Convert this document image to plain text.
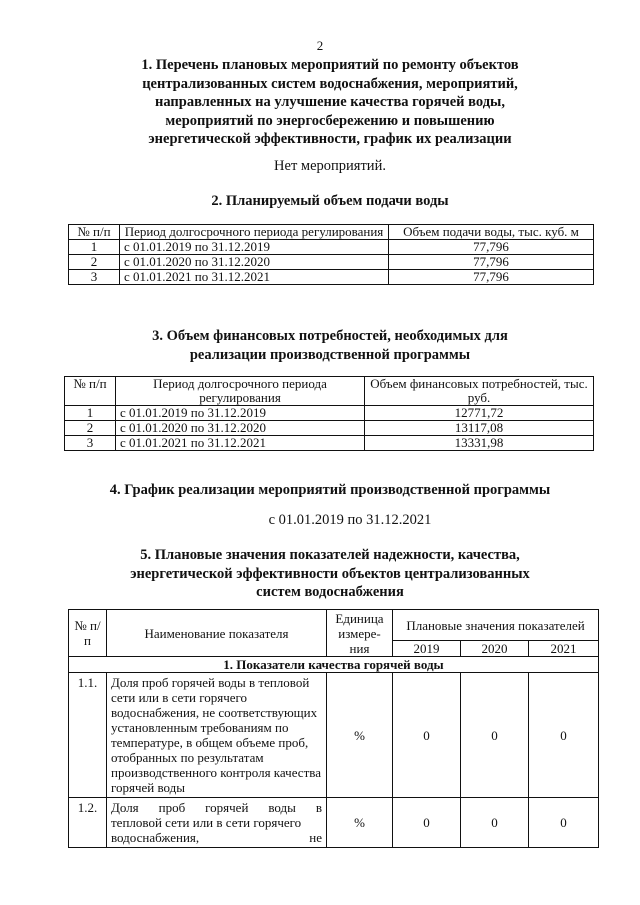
2
1. Перечень плановых мероприятий по ремонту объектов
централизованных систем водоснабжения, мероприятий,
направленных на улучшение качества горячей воды,
мероприятий по энергосбережению и повышению
энергетической эффективности, график их реализации
Нет мероприятий.
2. Планируемый объем подачи воды
№ п/п	Период долгосрочного периода регулирования	Объем подачи воды, тыс. куб. м
1	с 01.01.2019 по 31.12.2019	77,796
2	с 01.01.2020 по 31.12.2020	77,796
3	с 01.01.2021 по 31.12.2021	77,796
3. Объем финансовых потребностей, необходимых для
реализации производственной программы
№ п/п	Период долгосрочного периода регулирования	Объем финансовых потребностей, тыс. руб.
1	с 01.01.2019 по 31.12.2019	12771,72
2	с 01.01.2020 по 31.12.2020	13117,08
3	с 01.01.2021 по 31.12.2021	13331,98
4. График реализации мероприятий производственной программы
с 01.01.2019 по 31.12.2021
5. Плановые значения показателей надежности, качества,
энергетической эффективности объектов централизованных
систем водоснабжения
№ п/п	Наименование показателя	Единица измере-ния	Плановые значения показателей		
			2019	2020	2021
1. Показатели качества горячей воды					
1.1.	Доля проб горячей воды в тепловой сети или в сети горячего водоснабжения, не соответствующих установленным требованиям по температуре, в общем объеме проб, отобранных по результатам производственного контроля качества горячей воды	%	0	0	0
1.2.	Доля проб горячей воды в
тепловой сети или в сети горячего
водоснабжения, не	%	0	0	0
